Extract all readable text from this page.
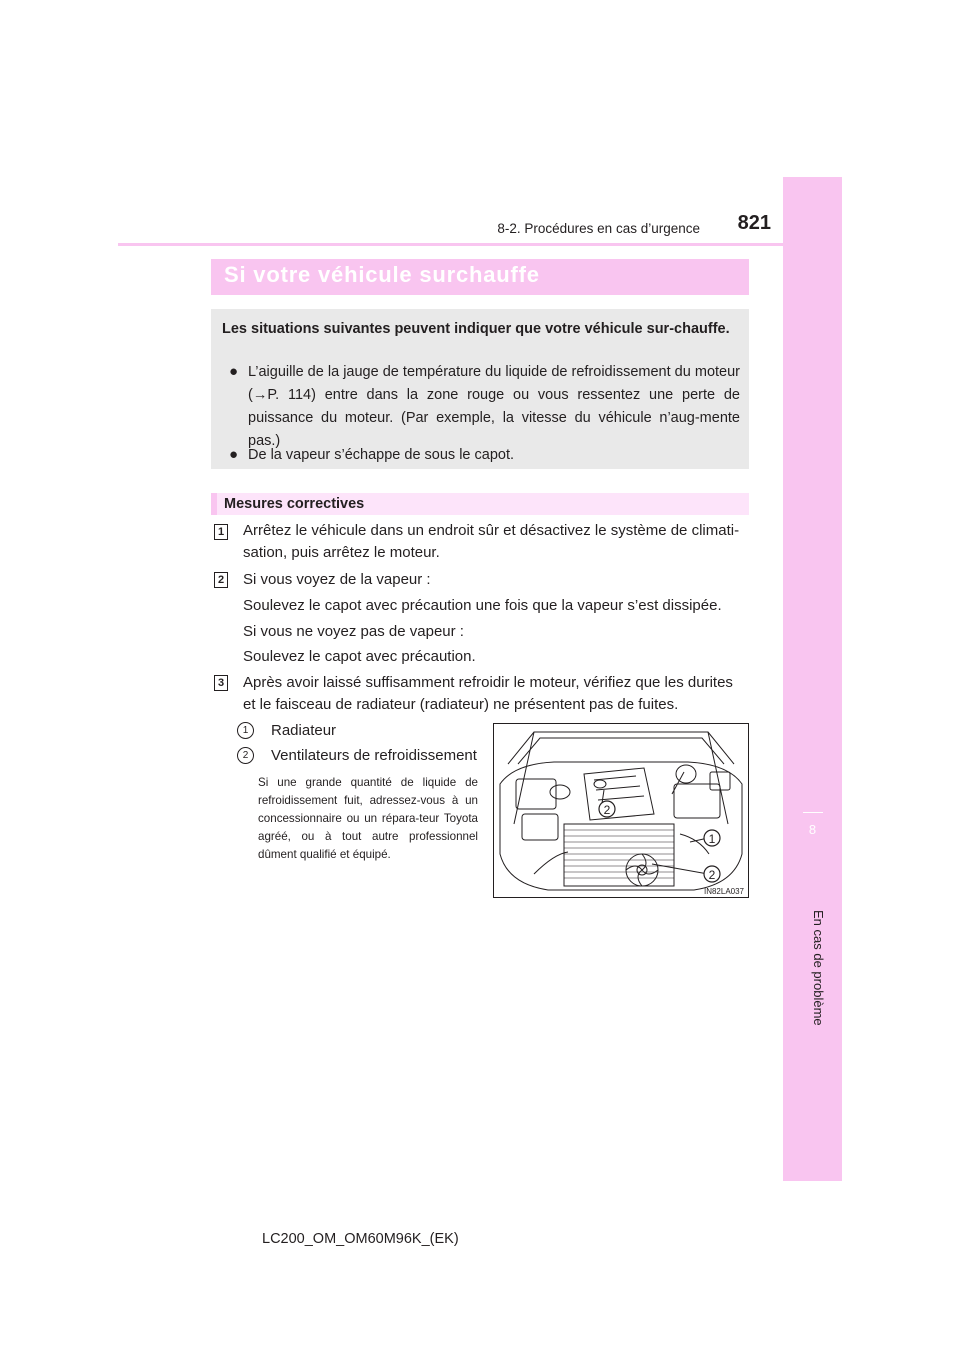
8
En cas de problème
8-2. Procédures en cas d’urgence	821
Si votre véhicule surchauffe
Les situations suivantes peuvent indiquer que votre véhicule sur-chauffe.
● L’aiguille de la jauge de température du liquide de refroidissement du moteur (→P. 114) entre dans la zone rouge ou vous ressentez une perte de puissance du moteur. (Par exemple, la vitesse du véhicule n’aug-mente pas.)
● De la vapeur s’échappe de sous le capot.
Mesures correctives
1 Arrêtez le véhicule dans un endroit sûr et désactivez le système de climati-
sation, puis arrêtez le moteur.
2 Si vous voyez de la vapeur :
Soulevez le capot avec précaution une fois que la vapeur s’est dissipée.
Si vous ne voyez pas de vapeur :
Soulevez le capot avec précaution.
3 Après avoir laissé suffisamment refroidir le moteur, vérifiez que les durites
et le faisceau de radiateur (radiateur) ne présentent pas de fuites.
1	Radiateur
2	Ventilateurs de refroidissement
Si une grande quantité de liquide de refroidissement fuit, adressez-vous à un concessionnaire ou un répara-teur Toyota agréé, ou à tout autre professionnel dûment qualifié et équipé.
2
1
2
IN82LA037
LC200_OM_OM60M96K_(EK)
